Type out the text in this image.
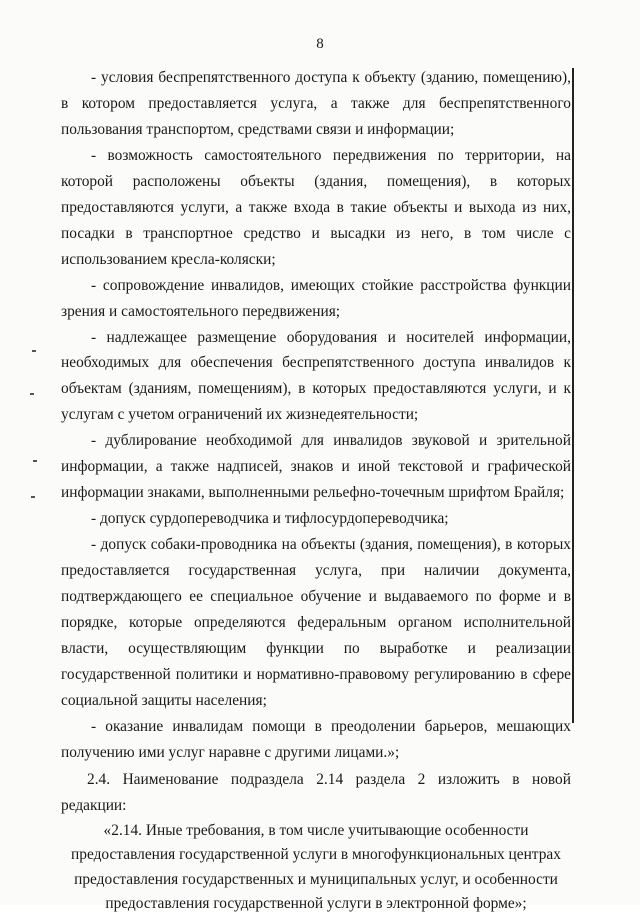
8

- условия беспрепятственного доступа к объекту (зданию, помещению), в котором предоставляется услуга, а также для беспрепятственного пользования транспортом, средствами связи и информации;

- возможность самостоятельного передвижения по территории, на которой расположены объекты (здания, помещения), в которых предоставляются услуги, а также входа в такие объекты и выхода из них, посадки в транспортное средство и высадки из него, в том числе с использованием кресла-коляски;

- сопровождение инвалидов, имеющих стойкие расстройства функции зрения и самостоятельного передвижения;

- надлежащее размещение оборудования и носителей информации, необходимых для обеспечения беспрепятственного доступа инвалидов к объектам (зданиям, помещениям), в которых предоставляются услуги, и к услугам с учетом ограничений их жизнедеятельности;

- дублирование необходимой для инвалидов звуковой и зрительной информации, а также надписей, знаков и иной текстовой и графической информации знаками, выполненными рельефно-точечным шрифтом Брайля;

- допуск сурдопереводчика и тифлосурдопереводчика;

- допуск собаки-проводника на объекты (здания, помещения), в которых предоставляется государственная услуга, при наличии документа, подтверждающего ее специальное обучение и выдаваемого по форме и в порядке, которые определяются федеральным органом исполнительной власти, осуществляющим функции по выработке и реализации государственной политики и нормативно-правовому регулированию в сфере социальной защиты населения;

- оказание инвалидам помощи в преодолении барьеров, мешающих получению ими услуг наравне с другими лицами.»;

2.4. Наименование подраздела 2.14 раздела 2 изложить в новой редакции:

«2.14. Иные требования, в том числе учитывающие особенности предоставления государственной услуги в многофункциональных центрах предоставления государственных и муниципальных услуг, и особенности предоставления государственной услуги в электронной форме»;
